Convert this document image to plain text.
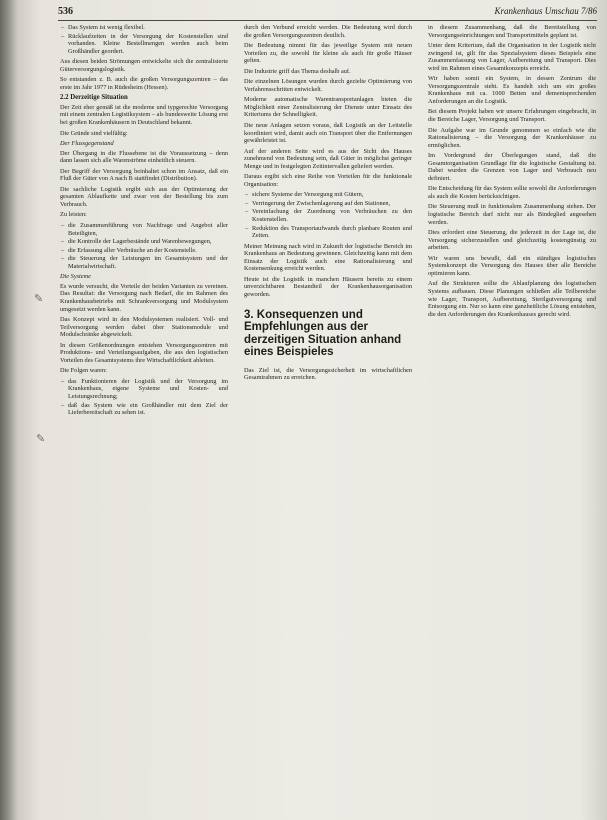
536	Krankenhaus Umschau 7/86
✎
✎
– Das System ist wenig flexibel.
– Rücklaufzeiten in der Versorgung der Kostenstellen sind vorhanden. Kleine Bestellmengen werden auch beim Großhändler geordert.

Aus diesen beiden Strömungen entwickelte sich die zentralisierte Güterversorgungslogistik.

So entstanden z. B. auch die großen Versorgungszentren – das erste im Jahr 1977 in Rüdesheim (Hessen).

2.2 Derzeitige Situation

Der Zeit eher gemäß ist die moderne und typgerechte Versorgung mit einem zentralen Logistiksystem – als bundesweite Lösung erst bei großen Krankenhäusern in Deutschland bekannt.

Die Gründe sind vielfältig:

Der Flussgegenstand

Der Übergang in die Flussebene ist die Voraussetzung – denn dann lassen sich alle Warenströme einheitlich steuern.

Der Begriff der Versorgung beinhaltet schon im Ansatz, daß ein Fluß der Güter von A nach B stattfindet (Distribution).

Die sachliche Logistik ergibt sich aus der Optimierung der gesamten Ablaufkette und zwar von der Bestellung bis zum Verbrauch.

Zu leisten:

– die Zusammenführung von Nachfrage und Angebot aller Beteiligten,
– die Kontrolle der Lagerbestände und Warenbewegungen,
– die Erfassung aller Verbräuche an der Kostenstelle.
– die Steuerung der Leistungen im Gesamtsystem und der Materialwirtschaft.
Die Systeme

Es wurde versucht, die Vorteile der beiden Varianten zu vereinen. Das Resultat: die Versorgung nach Bedarf, die im Rahmen des Krankenhausbetriebs mit Schrankversorgung und Modulsystem umgesetzt werden kann.

Das Konzept wird in den Modulsystemen realisiert. Voll- und Teilversorgung werden dabei über Stationsmodule und Modulschränke abgewickelt.

In diesen Größenordnungen entstehen Versorgungszentren mit Produktions- und Verteilungsaufgaben, die aus den logistischen Vorteilen des Gesamtsystems ihre Wirtschaftlichkeit ableiten.

Die Folgen waren:

– das Funktionieren der Logistik und der Versorgung im Krankenhaus, eigene Systeme und Kosten- und Leistungsrechnung;
– daß das System wie ein Großhändler mit dem Ziel der Lieferbereitschaft zu sehen ist.

durch den Verbund erreicht werden. Die Bedeutung wird durch die großen Versorgungszentren deutlich.

Die Bedeutung nimmt für das jeweilige System mit neuen Vorteilen zu, die sowohl für kleine als auch für große Häuser gelten.

Die Industrie griff das Thema deshalb auf.

Die einzelnen Lösungen wurden durch gezielte Optimierung von Verfahrensschritten entwickelt.

Moderne automatische Warentransportanlagen bieten die Möglichkeit einer Zentralisierung der Dienste unter Einsatz des Kriteriums der Schnelligkeit.

Die neue Anlagen setzen voraus, daß Logistik an der Leitstelle koordiniert wird, damit auch ein Transport über die Entfernungen gewährleistet ist.

Auf der anderen Seite wird es aus der Sicht des Hauses zunehmend von Bedeutung sein, daß Güter in möglichst geringer Menge und in festgelegten Zeitintervallen geliefert werden.

Daraus ergibt sich eine Reihe von Vorteilen für die funktionale Organisation:

– sichere Systeme der Versorgung mit Gütern,
– Verringerung der Zwischenlagerung auf den Stationen,
– Vereinfachung der Zuordnung von Verbräuchen zu den Kostenstellen.
– Reduktion des Transportaufwands durch planbare Routen und Zeiten.

Meiner Meinung nach wird in Zukunft der logistische Bereich im Krankenhaus an Bedeutung gewinnen. Gleichzeitig kann mit dem Einsatz der Logistik auch eine Rationalisierung und Kostensenkung erreicht werden.

Heute ist die Logistik in manchen Häusern bereits zu einem unverzichtbaren Bestandteil der Krankenhausorganisation geworden.

3. Konsequenzen und Empfehlungen aus der derzeitigen Situation anhand eines Beispieles

Das Ziel ist, die Versorgungssicherheit im wirtschaftlichen Gesamtrahmen zu erreichen.

in diesem Zusammenhang, daß die Bereitstellung von Versorgungseinrichtungen und Transportmitteln geplant ist.

Unter dem Kriterium, daß die Organisation in der Logistik nicht zwingend ist, gilt für das Spezialsystem dieses Beispiels eine Zusammenfassung von Lager, Aufbereitung und Transport. Dies wird im Rahmen eines Gesamtkonzepts erreicht.

Wir haben somit ein System, in dessen Zentrum die Versorgungszentrale steht. Es handelt sich um ein großes Krankenhaus mit ca. 1000 Betten und dementsprechenden Anforderungen an die Logistik.

Bei diesem Projekt haben wir unsere Erfahrungen eingebracht, in die Bereiche Lager, Versorgung und Transport.

Die Aufgabe war im Grunde genommen so einfach wie die Rationalisierung – die Versorgung der Krankenhäuser zu ermöglichen.

Im Vordergrund der Überlegungen stand, daß die Gesamtorganisation Grundlage für die logistische Gestaltung ist. Dabei wurden die Grenzen von Lager und Verbrauch neu definiert.

Die Entscheidung für das System sollte sowohl die Anforderungen als auch die Kosten berücksichtigen.

Die Steuerung muß in funktionalem Zusammenhang stehen. Der logistische Bereich darf nicht nur als Bindeglied angesehen werden.

Dies erfordert eine Steuerung, die jederzeit in der Lage ist, die Versorgung sicherzustellen und gleichzeitig kostengünstig zu arbeiten.

Wir waren uns bewußt, daß ein ständiges logistisches Systemkonzept die Versorgung des Hauses über alle Bereiche optimieren kann.

Auf die Strukturen sollte die Ablaufplanung des logistischen Systems aufbauen. Diese Planungen schließen alle Teilbereiche wie Lager, Transport, Aufbereitung, Sterilgutversorgung und Entsorgung ein. Nur so kann eine ganzheitliche Lösung entstehen, die den Anforderungen des Krankenhauses gerecht wird.
